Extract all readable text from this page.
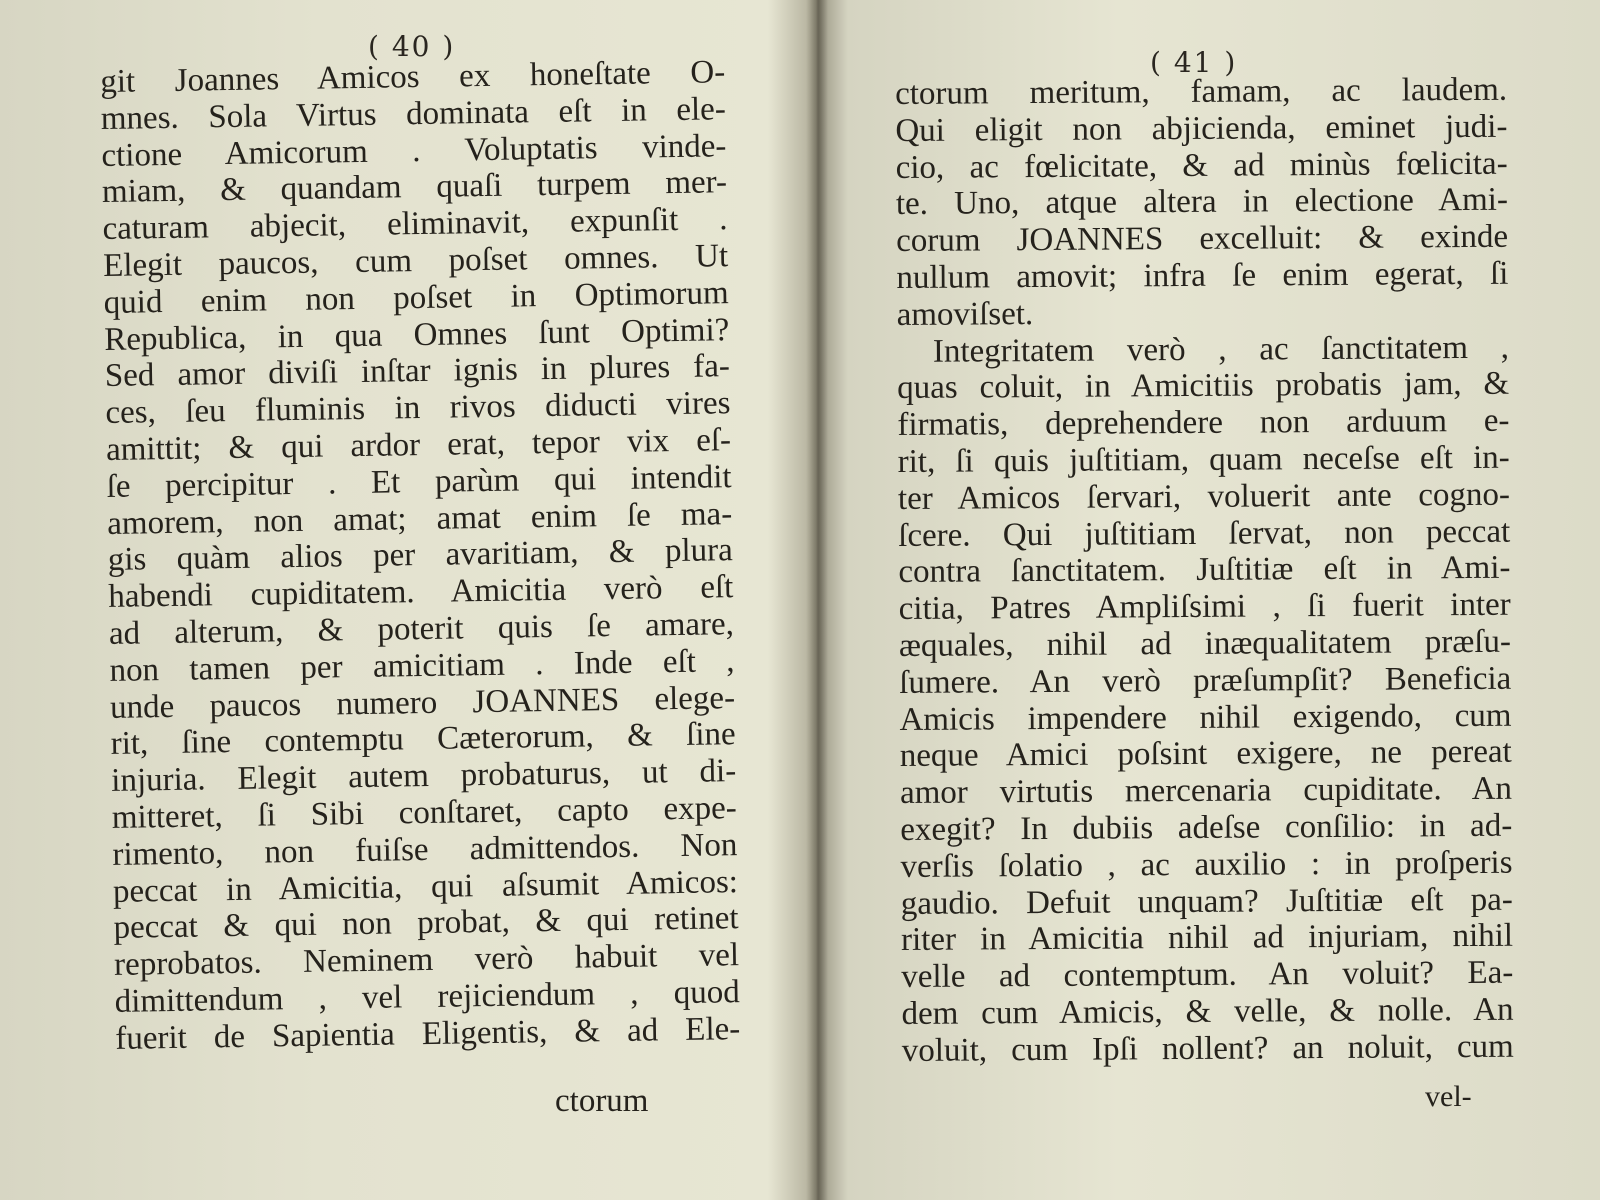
( 40 )
git Joannes Amicos ex honeſtate O-
mnes. Sola Virtus dominata eſt in ele-
ctione Amicorum . Voluptatis vinde-
miam, & quandam quaſi turpem mer-
caturam abjecit, eliminavit, expunſit .
Elegit paucos, cum poſset omnes. Ut
quid enim non poſset in Optimorum
Republica, in qua Omnes ſunt Optimi?
Sed amor diviſi inſtar ignis in plures fa-
ces, ſeu fluminis in rivos diducti vires
amittit; & qui ardor erat, tepor vix eſ-
ſe percipitur . Et parùm qui intendit
amorem, non amat; amat enim ſe ma-
gis quàm alios per avaritiam, & plura
habendi cupiditatem. Amicitia verò eſt
ad alterum, & poterit quis ſe amare,
non tamen per amicitiam . Inde eſt ,
unde paucos numero JOANNES elege-
rit, ſine contemptu Cæterorum, & ſine
injuria. Elegit autem probaturus, ut di-
mitteret, ſi Sibi conſtaret, capto expe-
rimento, non fuiſse admittendos. Non
peccat in Amicitia, qui aſsumit Amicos:
peccat & qui non probat, & qui retinet
reprobatos. Neminem verò habuit vel
dimittendum , vel rejiciendum , quod
fuerit de Sapientia Eligentis, & ad Ele-
ctorum
( 41 )
ctorum meritum, famam, ac laudem.
Qui eligit non abjicienda, eminet judi-
cio, ac fœlicitate, & ad minùs fœlicita-
te. Uno, atque altera in electione Ami-
corum JOANNES excelluit: & exinde
nullum amovit; infra ſe enim egerat, ſi
amoviſset.
Integritatem verò , ac ſanctitatem ,
quas coluit, in Amicitiis probatis jam, &
firmatis, deprehendere non arduum e-
rit, ſi quis juſtitiam, quam neceſse eſt in-
ter Amicos ſervari, voluerit ante cogno-
ſcere. Qui juſtitiam ſervat, non peccat
contra ſanctitatem. Juſtitiæ eſt in Ami-
citia, Patres Ampliſsimi , ſi fuerit inter
æquales, nihil ad inæqualitatem præſu-
ſumere. An verò præſumpſit? Beneficia
Amicis impendere nihil exigendo, cum
neque Amici poſsint exigere, ne pereat
amor virtutis mercenaria cupiditate. An
exegit? In dubiis adeſse conſilio: in ad-
verſis ſolatio , ac auxilio : in proſperis
gaudio. Defuit unquam? Juſtitiæ eſt pa-
riter in Amicitia nihil ad injuriam, nihil
velle ad contemptum. An voluit? Ea-
dem cum Amicis, & velle, & nolle. An
voluit, cum Ipſi nollent? an noluit, cum
vel-
